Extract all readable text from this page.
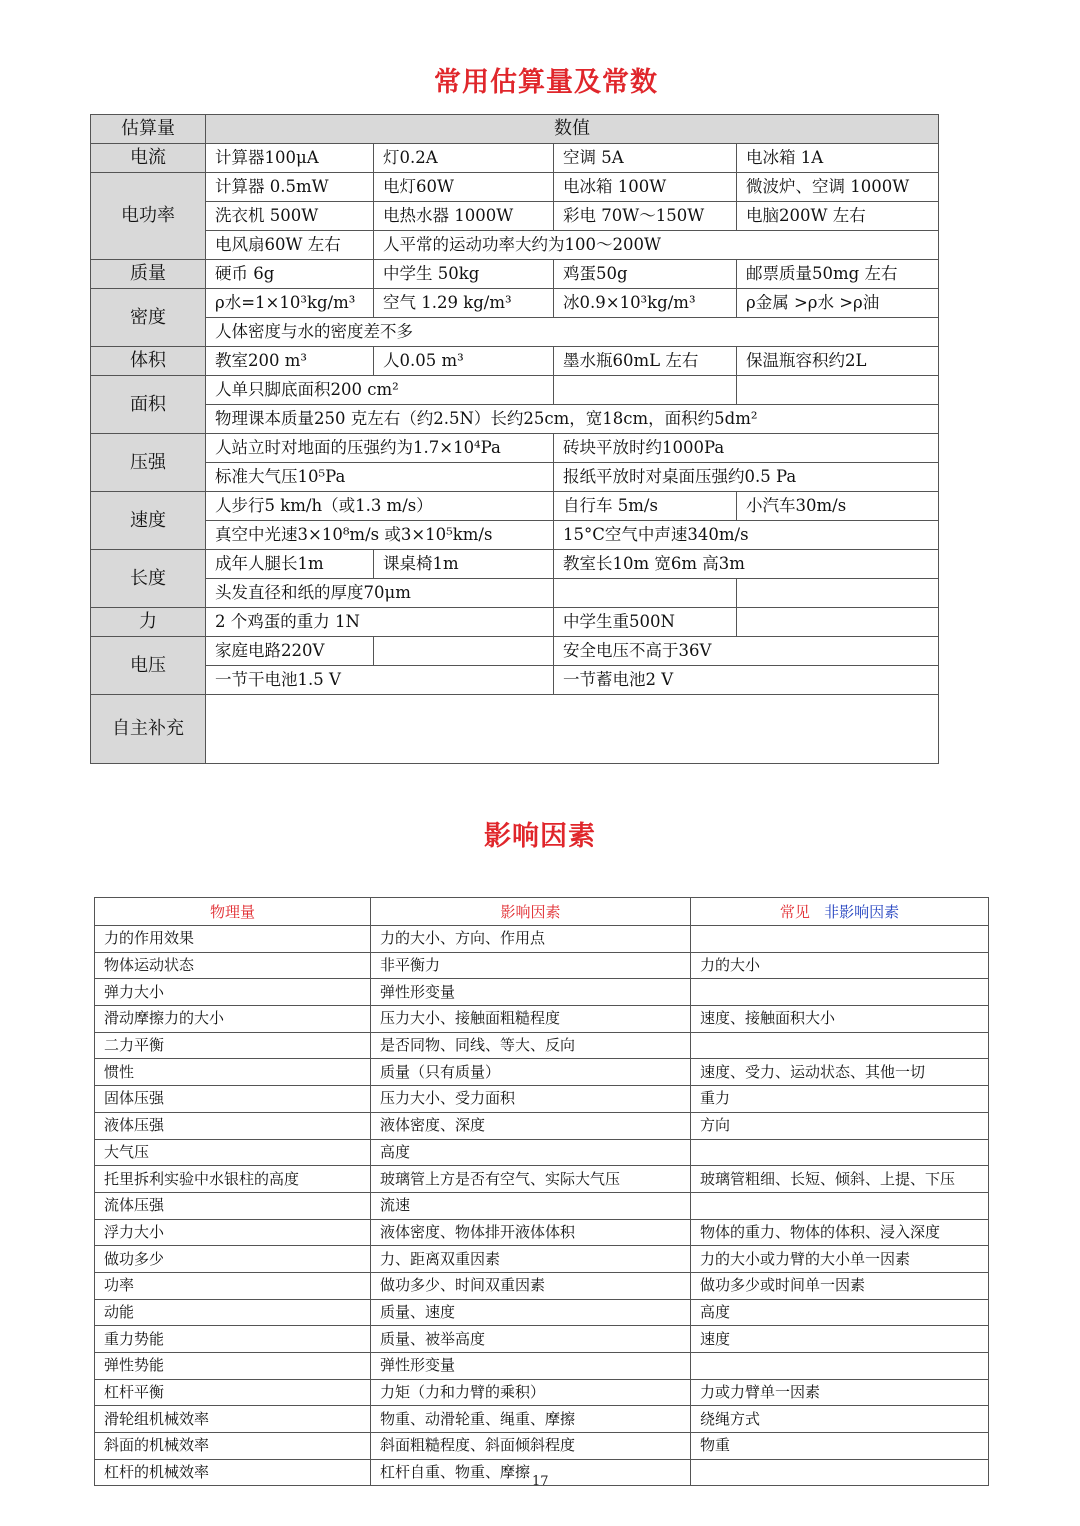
常用估算量及常数
估算量	数值			
电流	计算器100μA	灯0.2A	空调 5A	电冰箱 1A
电功率	计算器 0.5mW	电灯60W	电冰箱 100W	微波炉、空调 1000W
	洗衣机 500W	电热水器 1000W	彩电 70W～150W	电脑200W 左右
	电风扇60W 左右	人平常的运动功率大约为100～200W		
质量	硬币 6g	中学生 50kg	鸡蛋50g	邮票质量50mg 左右
密度	ρ水=1×10³kg/m³	空气 1.29 kg/m³	冰0.9×10³kg/m³	ρ金属 >ρ水 >ρ油
	人体密度与水的密度差不多			
体积	教室200 m³	人0.05 m³	墨水瓶60mL 左右	保温瓶容积约2L
面积	人单只脚底面积200 cm²			
	物理课本质量250 克左右（约2.5N）长约25cm，宽18cm，面积约5dm²			
压强	人站立时对地面的压强约为1.7×10⁴Pa		砖块平放时约1000Pa	
	标准大气压10⁵Pa		报纸平放时对桌面压强约0.5 Pa	
速度	人步行5 km/h（或1.3 m/s）		自行车 5m/s	小汽车30m/s
	真空中光速3×10⁸m/s 或3×10⁵km/s		15°C空气中声速340m/s	
长度	成年人腿长1m	课桌椅1m	教室长10m 宽6m 高3m	
	头发直径和纸的厚度70μm			
力	2 个鸡蛋的重力 1N		中学生重500N	
电压	家庭电路220V		安全电压不高于36V	
	一节干电池1.5 V		一节蓄电池2 V	
自主补充				
影响因素
物理量	影响因素	常见 非影响因素
力的作用效果	力的大小、方向、作用点	
物体运动状态	非平衡力	力的大小
弹力大小	弹性形变量	
滑动摩擦力的大小	压力大小、接触面粗糙程度	速度、接触面积大小
二力平衡	是否同物、同线、等大、反向	
惯性	质量（只有质量）	速度、受力、运动状态、其他一切
固体压强	压力大小、受力面积	重力
液体压强	液体密度、深度	方向
大气压	高度	
托里拆利实验中水银柱的高度	玻璃管上方是否有空气、实际大气压	玻璃管粗细、长短、倾斜、上提、下压
流体压强	流速	
浮力大小	液体密度、物体排开液体体积	物体的重力、物体的体积、浸入深度
做功多少	力、距离双重因素	力的大小或力臂的大小单一因素
功率	做功多少、时间双重因素	做功多少或时间单一因素
动能	质量、速度	高度
重力势能	质量、被举高度	速度
弹性势能	弹性形变量	
杠杆平衡	力矩（力和力臂的乘积）	力或力臂单一因素
滑轮组机械效率	物重、动滑轮重、绳重、摩擦	绕绳方式
斜面的机械效率	斜面粗糙程度、斜面倾斜程度	物重
杠杆的机械效率	杠杆自重、物重、摩擦	
17
